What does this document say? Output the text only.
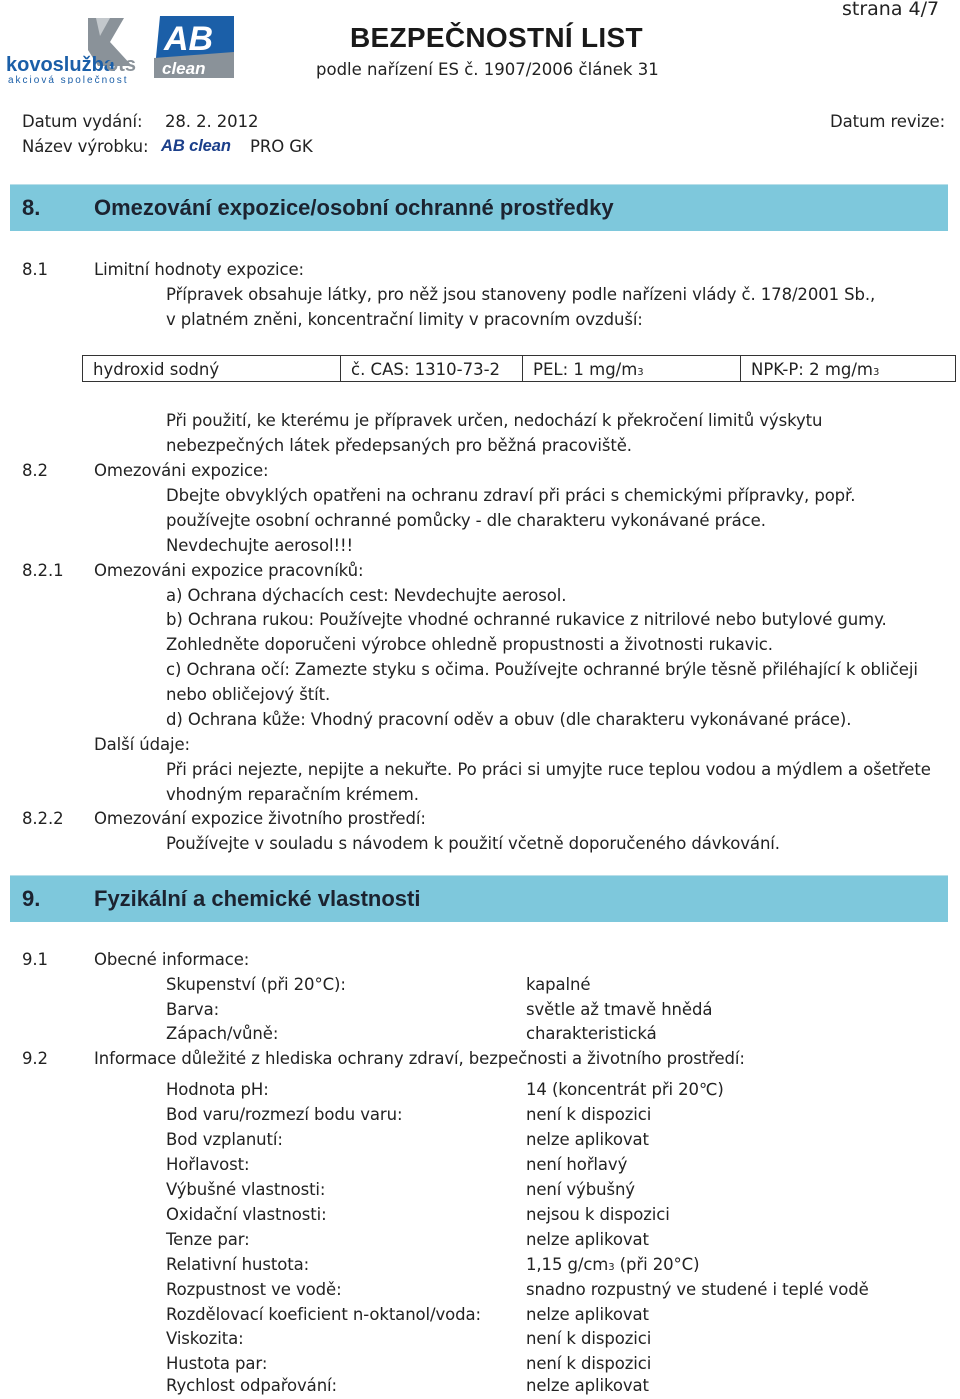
kovoslužba
ots
akciová společnost
AB
clean
BEZPEČNOSTNÍ LIST
podle nařízení ES č. 1907/2006 článek 31
strana 4/7
Datum vydání: 28. 2. 2012	Datum revize:
Název výrobku: AB clean PRO GK
8. Omezování expozice/osobní ochranné prostředky
8.1	Limitní hodnoty expozice:
Přípravek obsahuje látky, pro něž jsou stanoveny podle nařízeni vlády č. 178/2001 Sb.,
v platném zněni, koncentrační limity v pracovním ovzduší:
hydroxid sodný	č. CAS: 1310-73-2	PEL: 1 mg/m3	NPK-P: 2 mg/m3
Při použití, ke kterému je přípravek určen, nedochází k překročení limitů výskytu
nebezpečných látek předepsaných pro běžná pracoviště.
8.2	Omezováni expozice:
Dbejte obvyklých opatřeni na ochranu zdraví při práci s chemickými přípravky, popř.
používejte osobní ochranné pomůcky - dle charakteru vykonávané práce.
Nevdechujte aerosol!!!
8.2.1 Omezováni expozice pracovníků:
a) Ochrana dýchacích cest: Nevdechujte aerosol.
b) Ochrana rukou: Používejte vhodné ochranné rukavice z nitrilové nebo butylové gumy.
Zohledněte doporučeni výrobce ohledně propustnosti a životnosti rukavic.
c) Ochrana očí: Zamezte styku s očima. Používejte ochranné brýle těsně přiléhající k obličeji
nebo obličejový štít.
d) Ochrana kůže: Vhodný pracovní oděv a obuv (dle charakteru vykonávané práce).
Další údaje:
Při práci nejezte, nepijte a nekuřte. Po práci si umyjte ruce teplou vodou a mýdlem a ošetřete
vhodným reparačním krémem.
8.2.2 Omezování expozice životního prostředí:
Používejte v souladu s návodem k použití včetně doporučeného dávkování.
9. Fyzikální a chemické vlastnosti
9.1	Obecné informace:
Skupenství (při 20°C):	kapalné
Barva:	světle až tmavě hnědá
Zápach/vůně:	charakteristická
9.2	Informace důležité z hlediska ochrany zdraví, bezpečnosti a životního prostředí:
Hodnota pH:	14 (koncentrát při 20℃)
Bod varu/rozmezí bodu varu:	není k dispozici
Bod vzplanutí:	nelze aplikovat
Hořlavost:	není hořlavý
Výbušné vlastnosti:	není výbušný
Oxidační vlastnosti:	nejsou k dispozici
Tenze par:	nelze aplikovat
Relativní hustota:	1,15 g/cm3 (při 20°C)
Rozpustnost ve vodě:	snadno rozpustný ve studené i teplé vodě
Rozdělovací koeficient n-oktanol/voda:	nelze aplikovat
Viskozita:	není k dispozici
Hustota par:	není k dispozici
Rychlost odpařování:	nelze aplikovat
